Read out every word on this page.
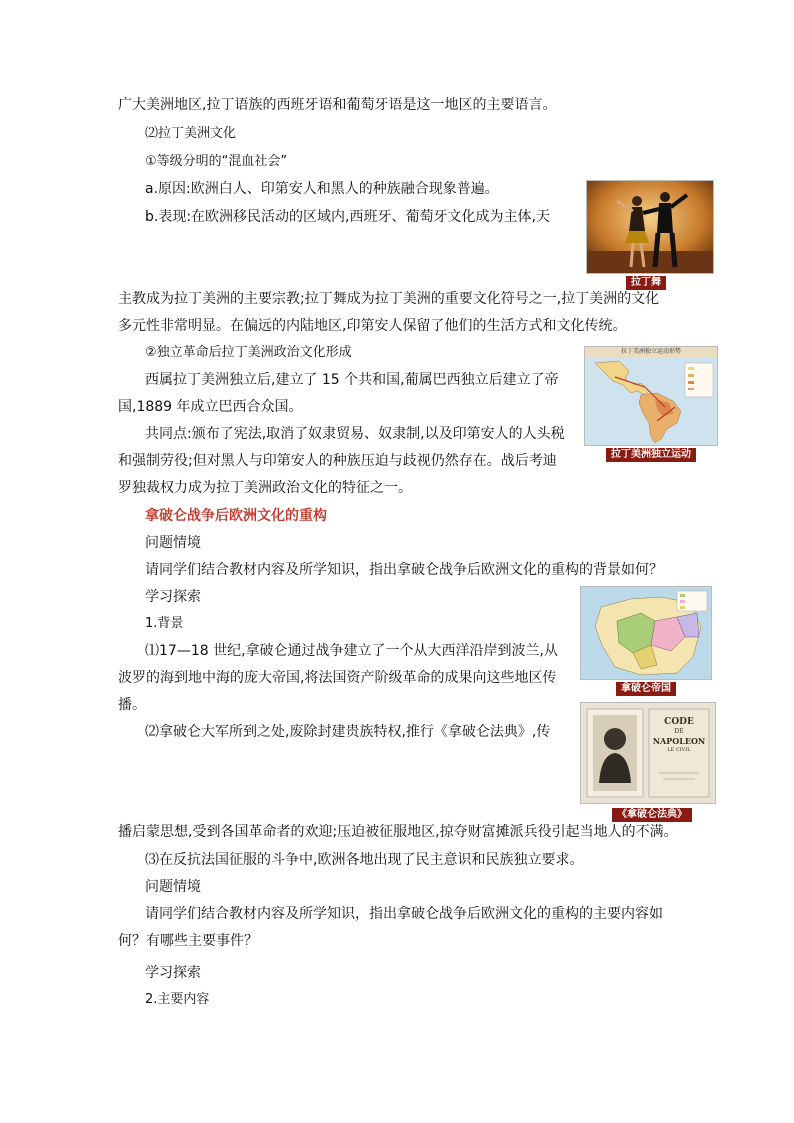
广大美洲地区,拉丁语族的西班牙语和葡萄牙语是这一地区的主要语言。
⑵拉丁美洲文化
①等级分明的“混血社会”
a.原因:欧洲白人、印第安人和黑人的种族融合现象普遍。
b.表现:在欧洲移民活动的区域内,西班牙、葡萄牙文化成为主体,天
主教成为拉丁美洲的主要宗教;拉丁舞成为拉丁美洲的重要文化符号之一,拉丁美洲的文化
多元性非常明显。在偏远的内陆地区,印第安人保留了他们的生活方式和文化传统。
②独立革命后拉丁美洲政治文化形成
西属拉丁美洲独立后,建立了 15 个共和国,葡属巴西独立后建立了帝
国,1889 年成立巴西合众国。
共同点:颁布了宪法,取消了奴隶贸易、奴隶制,以及印第安人的人头税
和强制劳役;但对黑人与印第安人的种族压迫与歧视仍然存在。战后考迪
罗独裁权力成为拉丁美洲政治文化的特征之一。
拿破仑战争后欧洲文化的重构
问题情境
请同学们结合教材内容及所学知识，指出拿破仑战争后欧洲文化的重构的背景如何？
学习探索
1.背景
⑴17—18 世纪,拿破仑通过战争建立了一个从大西洋沿岸到波兰,从
波罗的海到地中海的庞大帝国,将法国资产阶级革命的成果向这些地区传
播。
⑵拿破仑大军所到之处,废除封建贵族特权,推行《拿破仑法典》,传
播启蒙思想,受到各国革命者的欢迎;压迫被征服地区,掠夺财富摊派兵役引起当地人的不满。
⑶在反抗法国征服的斗争中,欧洲各地出现了民主意识和民族独立要求。
问题情境
请同学们结合教材内容及所学知识，指出拿破仑战争后欧洲文化的重构的主要内容如
何？有哪些主要事件？
学习探索
2.主要内容
拉丁舞
拉丁美洲独立运动形势
拉丁美洲独立运动
拿破仑帝国
CODE
DE
NAPOLEON
LE CIVIL
《拿破仑法典》
